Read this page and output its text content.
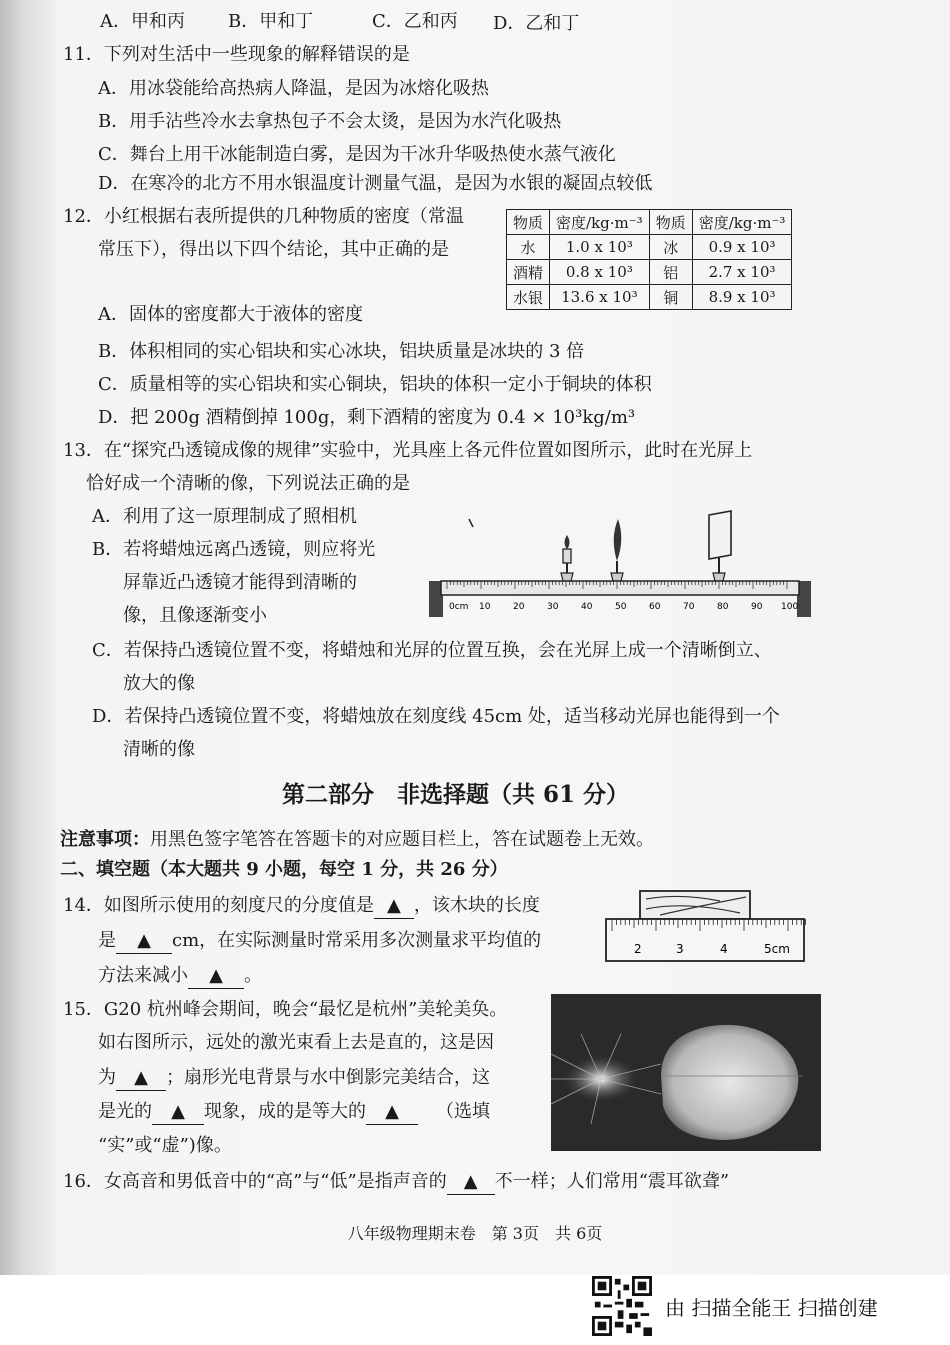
A．甲和丙 B．甲和丁	C．乙和丙 D．乙和丁
11．下列对生活中一些现象的解释错误的是
A．用冰袋能给高热病人降温，是因为冰熔化吸热
B．用手沾些冷水去拿热包子不会太烫，是因为水汽化吸热
C．舞台上用干冰能制造白雾，是因为干冰升华吸热使水蒸气液化
D．在寒冷的北方不用水银温度计测量气温，是因为水银的凝固点较低
12．小红根据右表所提供的几种物质的密度（常温
常压下），得出以下四个结论，其中正确的是
物质	密度/kg·m⁻³	物质	密度/kg·m⁻³
水	1.0 x 10³	冰	0.9 x 10³
酒精	0.8 x 10³	铝	2.7 x 10³
水银	13.6 x 10³	铜	8.9 x 10³
A．固体的密度都大于液体的密度
B．体积相同的实心铝块和实心冰块，铝块质量是冰块的 3 倍
C．质量相等的实心铝块和实心铜块，铝块的体积一定小于铜块的体积
D．把 200g 酒精倒掉 100g，剩下酒精的密度为 0.4 × 10³kg/m³
13．在“探究凸透镜成像的规律”实验中，光具座上各元件位置如图所示，此时在光屏上
恰好成一个清晰的像，下列说法正确的是
A．利用了这一原理制成了照相机
B．若将蜡烛远离凸透镜，则应将光
屏靠近凸透镜才能得到清晰的
像，且像逐渐变小	0cm 10	20	30	40	50	60	70	80	90 100
C．若保持凸透镜位置不变，将蜡烛和光屏的位置互换，会在光屏上成一个清晰倒立、
放大的像
D．若保持凸透镜位置不变，将蜡烛放在刻度线 45cm 处，适当移动光屏也能得到一个
清晰的像
第二部分　非选择题（共 61 分）
注意事项：用黑色签字笔答在答题卡的对应题目栏上，答在试题卷上无效。
二、填空题（本大题共 9 小题，每空 1 分，共 26 分）
14．如图所示使用的刻度尺的分度值是 ▲ ，该木块的长度
是 ▲ cm，在实际测量时常采用多次测量求平均值的
方法来减小 ▲ 。
2	3	4	5cm
15．G20 杭州峰会期间，晚会“最忆是杭州”美轮美奂。
如右图所示，远处的激光束看上去是直的，这是因
为 ▲ ；扇形光电背景与水中倒影完美结合，这
是光的 ▲ 现象，成的是等大的 ▲ （选填
“实”或“虚”)像。
16．女高音和男低音中的“高”与“低”是指声音的 ▲ 不一样；人们常用“震耳欲聋”
八年级物理期末卷　第 3页　共 6页
由 扫描全能王 扫描创建
